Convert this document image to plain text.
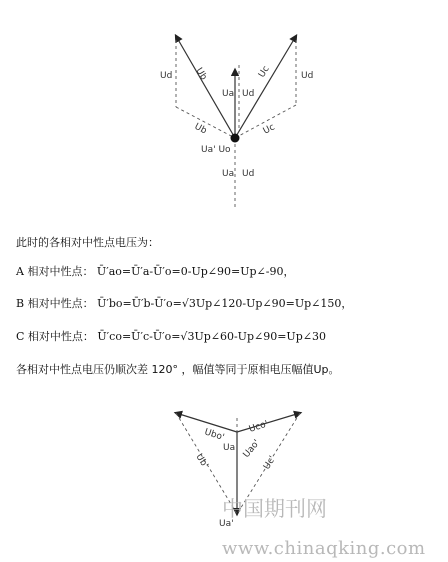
Ub	Uc
Ud	Ud
Ub	Uc
Ua Ud
Ua' Uo
Ua Ud
此时的各相对中性点电压为：
A 相对中性点： Ū′ao=Ū′a-Ū′o=0-Up∠90=Up∠-90，
B 相对中性点： Ū′bo=Ū′b-Ū′o=√3Up∠120-Up∠90=Up∠150，
C 相对中性点： Ū′co=Ū′c-Ū′o=√3Up∠60-Up∠90=Up∠30
各相对中性点电压仍顺次差 120° ，幅值等同于原相电压幅值Up。
Ubo'
Uco'
Ub'	Uc'
Ua Uao'
Ua'
中国期刊网
www.chinaqking.com
